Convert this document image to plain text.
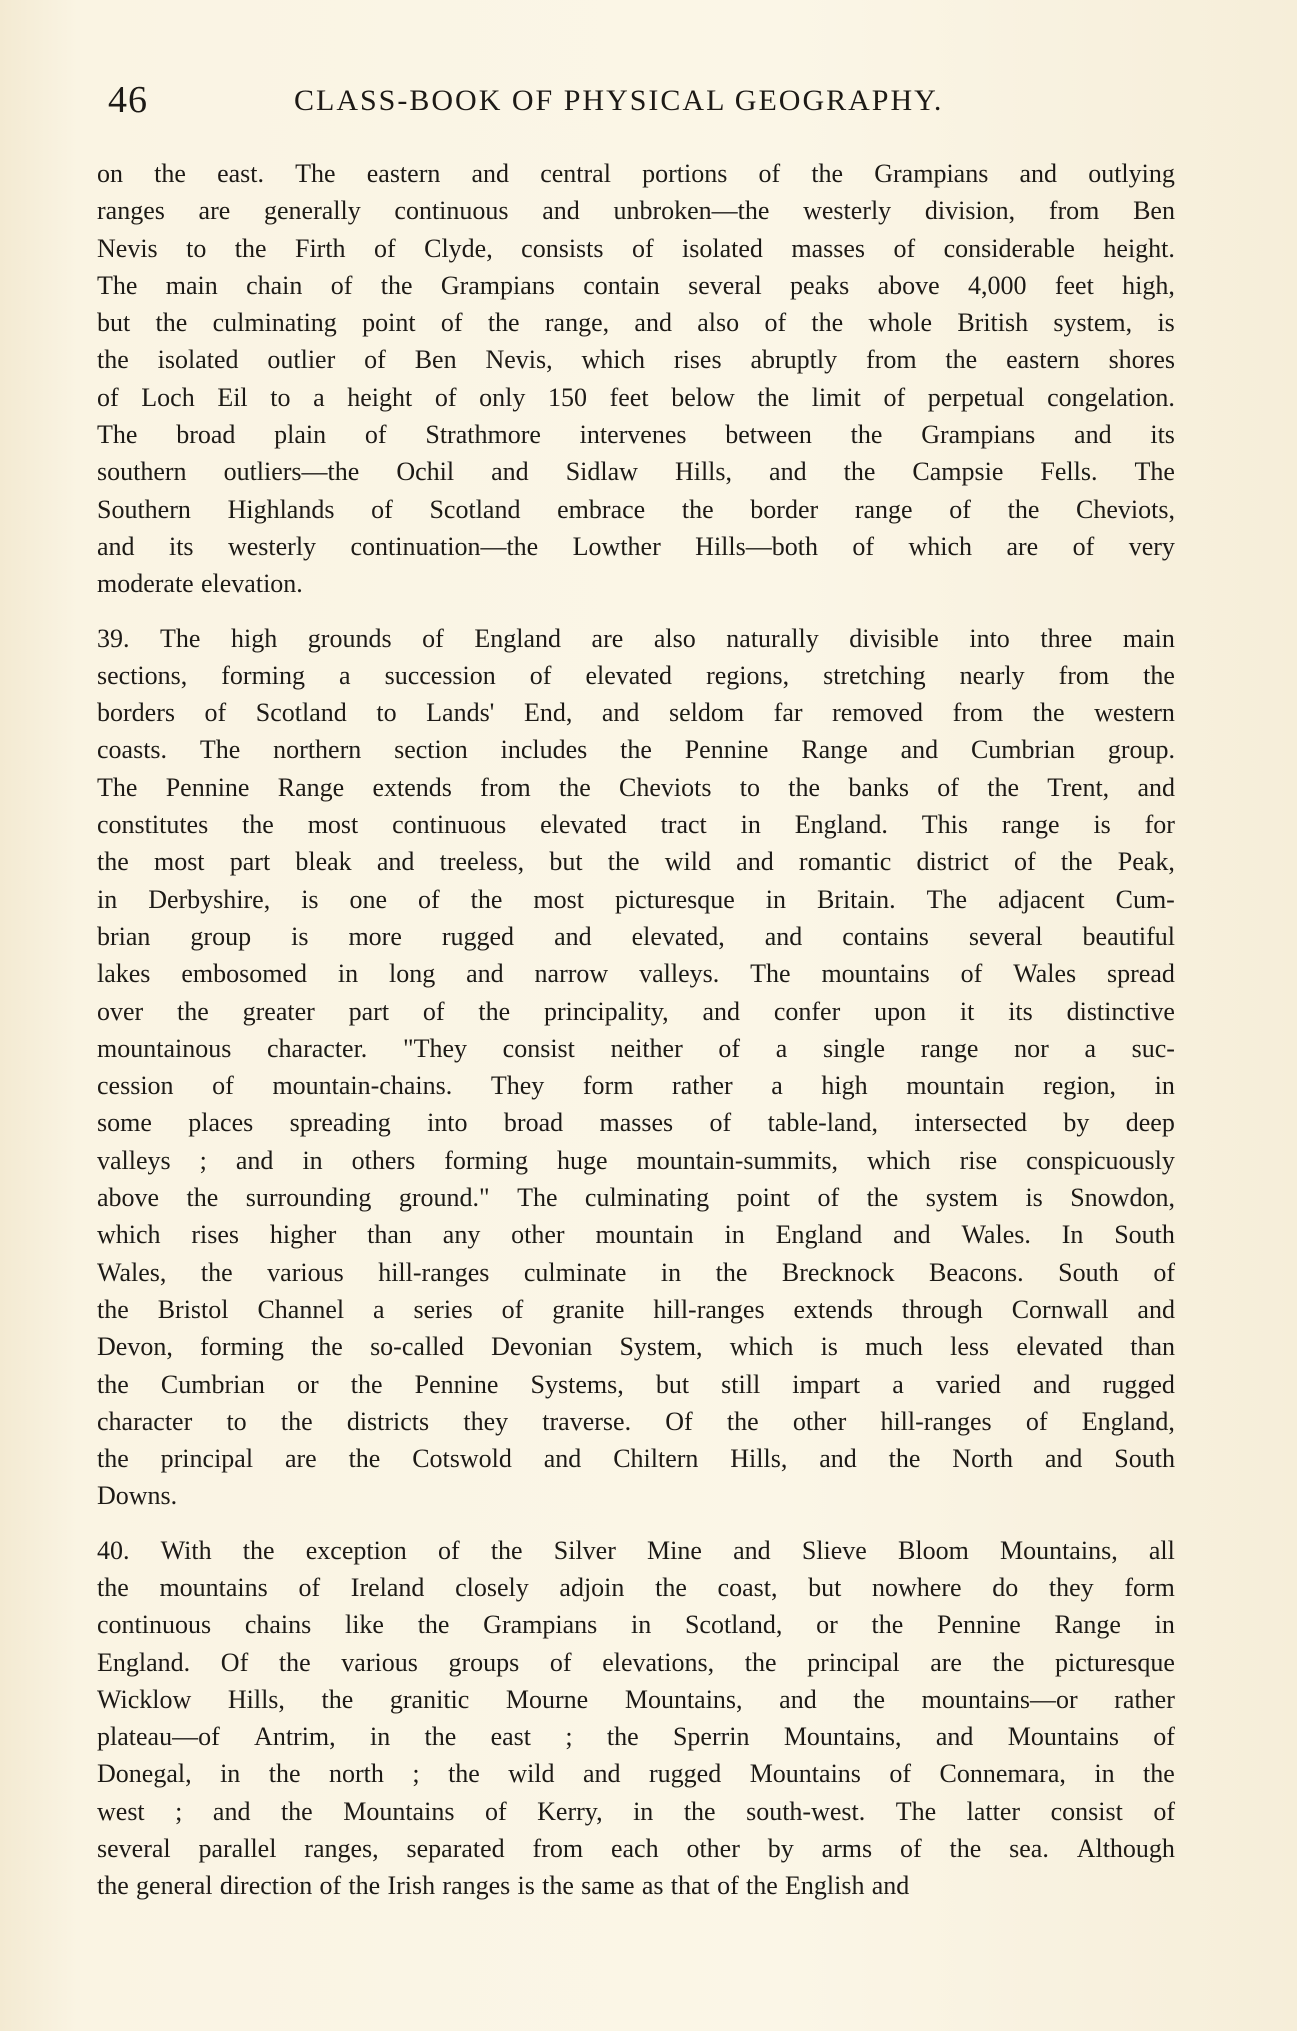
46	CLASS-BOOK OF PHYSICAL GEOGRAPHY.
on the east. The eastern and central portions of the Grampians and outlying
ranges are generally continuous and unbroken—the westerly division, from Ben
Nevis to the Firth of Clyde, consists of isolated masses of considerable height.
The main chain of the Grampians contain several peaks above 4,000 feet high,
but the culminating point of the range, and also of the whole British system, is
the isolated outlier of Ben Nevis, which rises abruptly from the eastern shores
of Loch Eil to a height of only 150 feet below the limit of perpetual congelation.
The broad plain of Strathmore intervenes between the Grampians and its
southern outliers—the Ochil and Sidlaw Hills, and the Campsie Fells. The
Southern Highlands of Scotland embrace the border range of the Cheviots,
and its westerly continuation—the Lowther Hills—both of which are of very
moderate elevation.
39. The high grounds of England are also naturally divisible into three main
sections, forming a succession of elevated regions, stretching nearly from the
borders of Scotland to Lands' End, and seldom far removed from the western
coasts. The northern section includes the Pennine Range and Cumbrian group.
The Pennine Range extends from the Cheviots to the banks of the Trent, and
constitutes the most continuous elevated tract in England. This range is for
the most part bleak and treeless, but the wild and romantic district of the Peak,
in Derbyshire, is one of the most picturesque in Britain. The adjacent Cum-
brian group is more rugged and elevated, and contains several beautiful
lakes embosomed in long and narrow valleys. The mountains of Wales spread
over the greater part of the principality, and confer upon it its distinctive
mountainous character. "They consist neither of a single range nor a suc-
cession of mountain-chains. They form rather a high mountain region, in
some places spreading into broad masses of table-land, intersected by deep
valleys ; and in others forming huge mountain-summits, which rise conspicuously
above the surrounding ground." The culminating point of the system is Snowdon,
which rises higher than any other mountain in England and Wales. In South
Wales, the various hill-ranges culminate in the Brecknock Beacons. South of
the Bristol Channel a series of granite hill-ranges extends through Cornwall and
Devon, forming the so-called Devonian System, which is much less elevated than
the Cumbrian or the Pennine Systems, but still impart a varied and rugged
character to the districts they traverse. Of the other hill-ranges of England,
the principal are the Cotswold and Chiltern Hills, and the North and South
Downs.
40. With the exception of the Silver Mine and Slieve Bloom Mountains, all
the mountains of Ireland closely adjoin the coast, but nowhere do they form
continuous chains like the Grampians in Scotland, or the Pennine Range in
England. Of the various groups of elevations, the principal are the picturesque
Wicklow Hills, the granitic Mourne Mountains, and the mountains—or rather
plateau—of Antrim, in the east ; the Sperrin Mountains, and Mountains of
Donegal, in the north ; the wild and rugged Mountains of Connemara, in the
west ; and the Mountains of Kerry, in the south-west. The latter consist of
several parallel ranges, separated from each other by arms of the sea. Although
the general direction of the Irish ranges is the same as that of the English and
